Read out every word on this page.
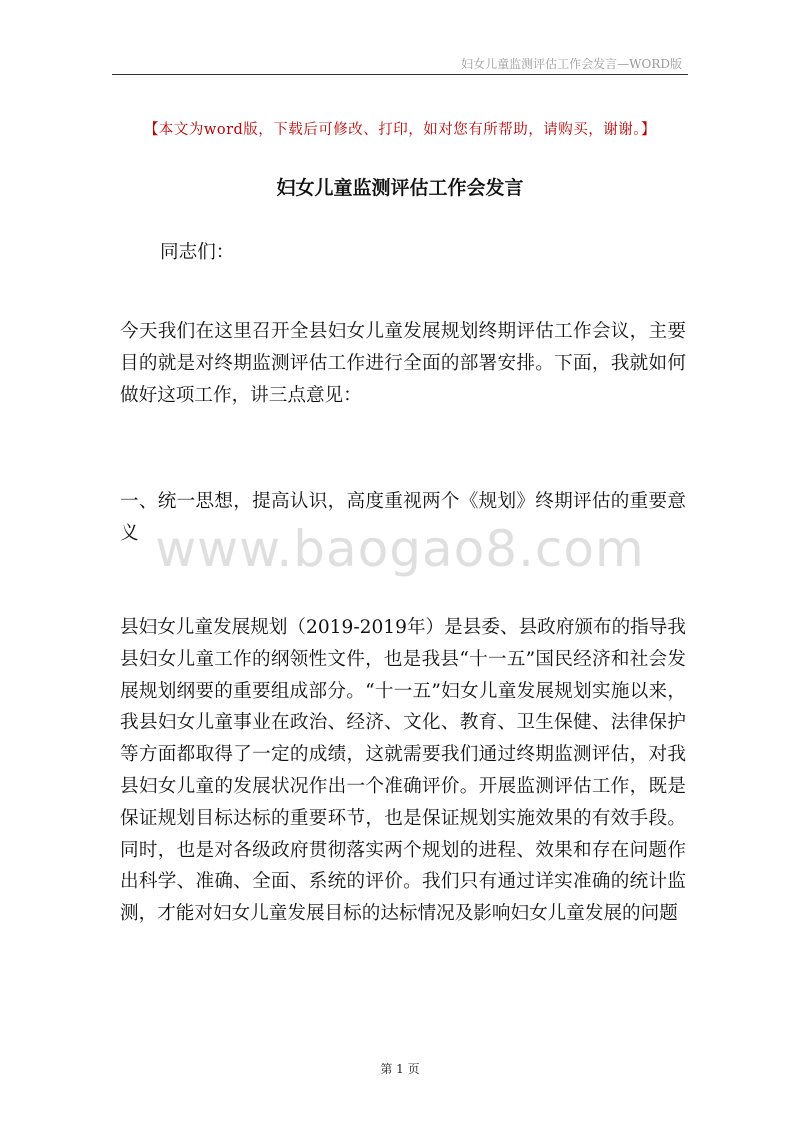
妇女儿童监测评估工作会发言—WORD版
【本文为word版，下载后可修改、打印，如对您有所帮助，请购买，谢谢。】
妇女儿童监测评估工作会发言
同志们：
今天我们在这里召开全县妇女儿童发展规划终期评估工作会议，主要目的就是对终期监测评估工作进行全面的部署安排。下面，我就如何做好这项工作，讲三点意见：
一、统一思想，提高认识，高度重视两个《规划》终期评估的重要意义 www.baogao8.com
县妇女儿童发展规划（2019-2019年）是县委、县政府颁布的指导我县妇女儿童工作的纲领性文件，也是我县“十一五”国民经济和社会发展规划纲要的重要组成部分。“十一五”妇女儿童发展规划实施以来，我县妇女儿童事业在政治、经济、文化、教育、卫生保健、法律保护等方面都取得了一定的成绩，这就需要我们通过终期监测评估，对我县妇女儿童的发展状况作出一个准确评价。开展监测评估工作，既是保证规划目标达标的重要环节，也是保证规划实施效果的有效手段。同时，也是对各级政府贯彻落实两个规划的进程、效果和存在问题作出科学、准确、全面、系统的评价。我们只有通过详实准确的统计监测，才能对妇女儿童发展目标的达标情况及影响妇女儿童发展的问题
第 1 页
